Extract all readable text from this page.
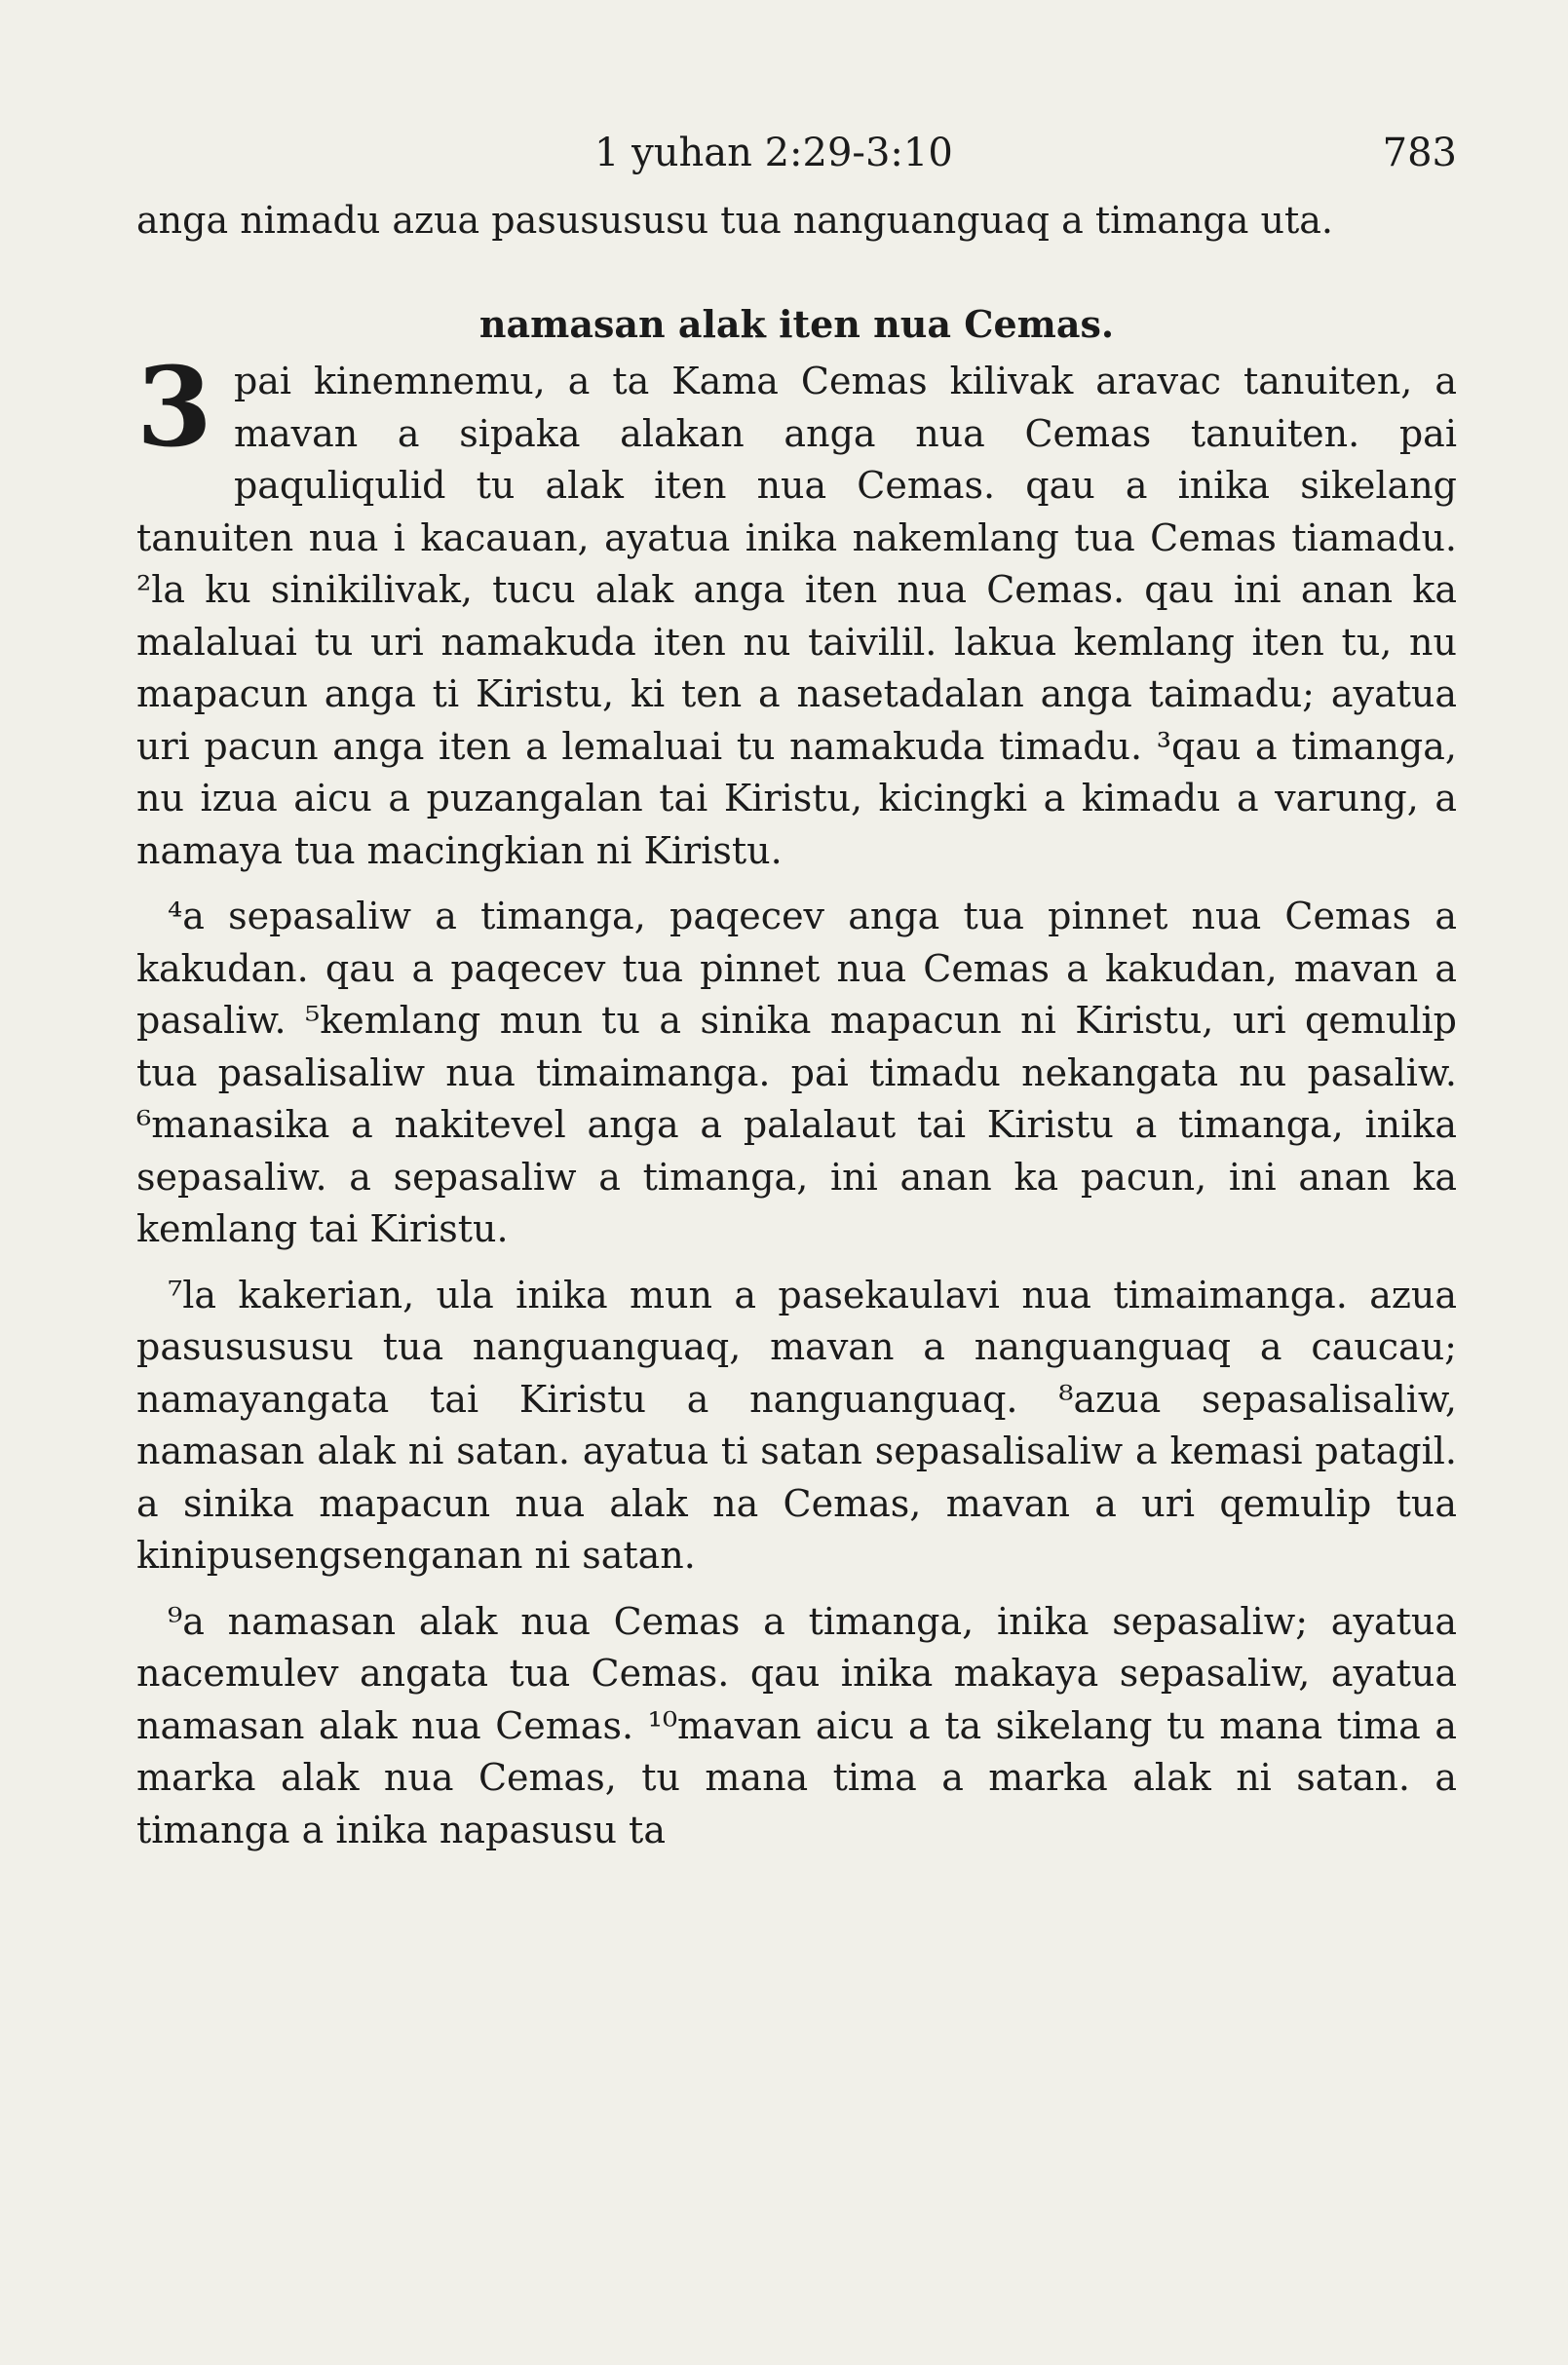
1 yuhan 2:29-3:10	783

anga nimadu azua pasusususu tua nanguanguaq a timanga uta.

namasan alak iten nua Cemas.
3 pai kinemnemu, a ta Kama Cemas kilivak aravac tanuiten, a mavan a sipaka alakan anga nua Cemas tanuiten. pai paquliqulid tu alak iten nua Cemas. qau a inika sikelang tanuiten nua i kacauan, ayatua inika nakemlang tua Cemas tiamadu. ²la ku sinikilivak, tucu alak anga iten nua Cemas. qau ini anan ka malaluai tu uri namakuda iten nu taivilil. lakua kemlang iten tu, nu mapacun anga ti Kiristu, ki ten a nasetadalan anga taimadu; ayatua uri pacun anga iten a lemaluai tu namakuda timadu. ³qau a timanga, nu izua aicu a puzangalan tai Kiristu, kicingki a kimadu a varung, a namaya tua macingkian ni Kiristu.

⁴a sepasaliw a timanga, paqecev anga tua pinnet nua Cemas a kakudan. qau a paqecev tua pinnet nua Cemas a kakudan, mavan a pasaliw. ⁵kemlang mun tu a sinika mapacun ni Kiristu, uri qemulip tua pasalisaliw nua timaimanga. pai timadu nekangata nu pasaliw. ⁶manasika a nakitevel anga a palalaut tai Kiristu a timanga, inika sepasaliw. a sepasaliw a timanga, ini anan ka pacun, ini anan ka kemlang tai Kiristu.

⁷la kakerian, ula inika mun a pasekaulavi nua timaimanga. azua pasusususu tua nanguanguaq, mavan a nanguanguaq a caucau; namayangata tai Kiristu a nanguanguaq. ⁸azua sepasalisaliw, namasan alak ni satan. ayatua ti satan sepasalisaliw a kemasi patagil. a sinika mapacun nua alak na Cemas, mavan a uri qemulip tua kinipusengsenganan ni satan.

⁹a namasan alak nua Cemas a timanga, inika sepasaliw; ayatua nacemulev angata tua Cemas. qau inika makaya sepasaliw, ayatua namasan alak nua Cemas. ¹⁰mavan aicu a ta sikelang tu mana tima a marka alak nua Cemas, tu mana tima a marka alak ni satan. a timanga a inika napasusu ta
